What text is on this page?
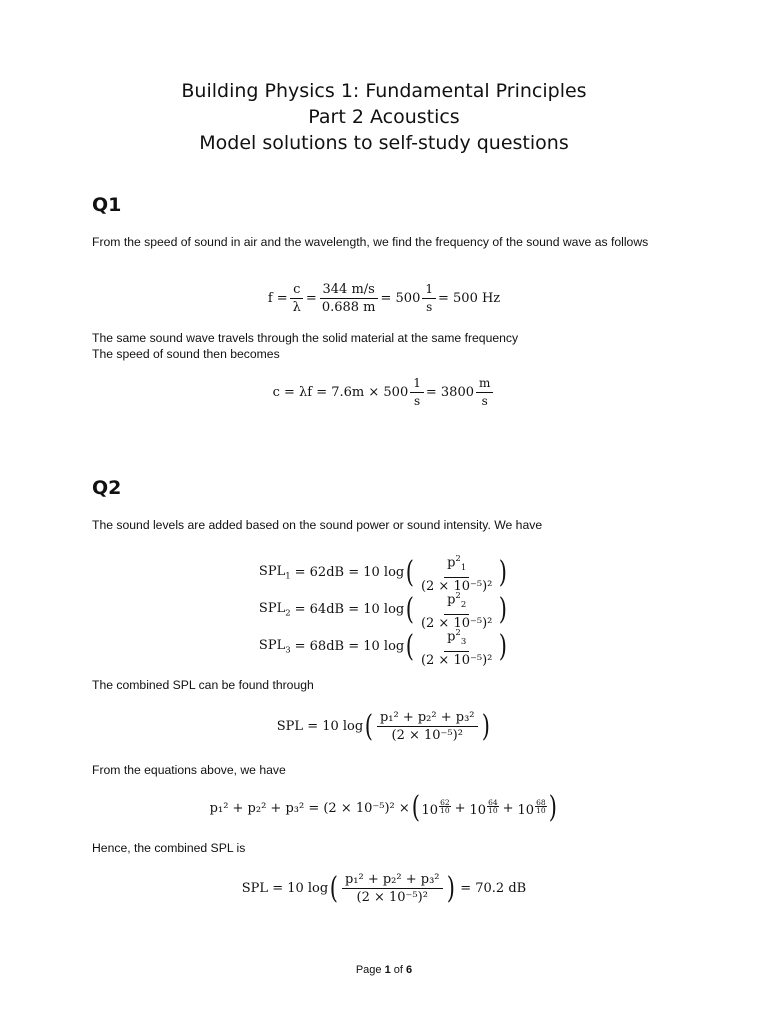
Building Physics 1: Fundamental Principles
Part 2 Acoustics
Model solutions to self-study questions
Q1
From the speed of sound in air and the wavelength, we find the frequency of the sound wave as follows
$f = \frac{c}{\lambda} = \frac{344 m/s}{0.688 m} = 500 \frac{1}{s} = 500$ Hz
The same sound wave travels through the solid material at the same frequency
The speed of sound then becomes
$c = \lambda f = 7.6m \times 500 \frac{1}{s} = 3800 \frac{m}{s}$
Q2
The sound levels are added based on the sound power or sound intensity. We have
$SPL_1 = 62dB = 10$ log ( $\frac{p^2_1}{\text{(2 × 10⁻⁵)²}}$ )
$SPL_2 = 64dB = 10$ log ( $\frac{p^2_2}{\text{(2 × 10⁻⁵)²}}$ )
$SPL_3 = 68dB = 10$ log ( $\frac{p^2_3}{\text{(2 × 10⁻⁵)²}}$ )
The combined SPL can be found through
SPL = 10 log ( $\frac{\text{p₁² + p₂² + p₃²}}{\text{(2 × 10⁻⁵)²}}$ )
From the equations above, we have
p₁² + p₂² + p₃² = (2 × 10⁻⁵)² × ( $10 \frac{62}{10} + 10 \frac{64}{10} + 10 \frac{68}{10}$ )
Hence, the combined SPL is
SPL = 10 log ( $\frac{\text{p₁² + p₂² + p₃²}}{\text{(2 × 10⁻⁵)²}}$ ) = 70.2 dB
Page 1 of 6
